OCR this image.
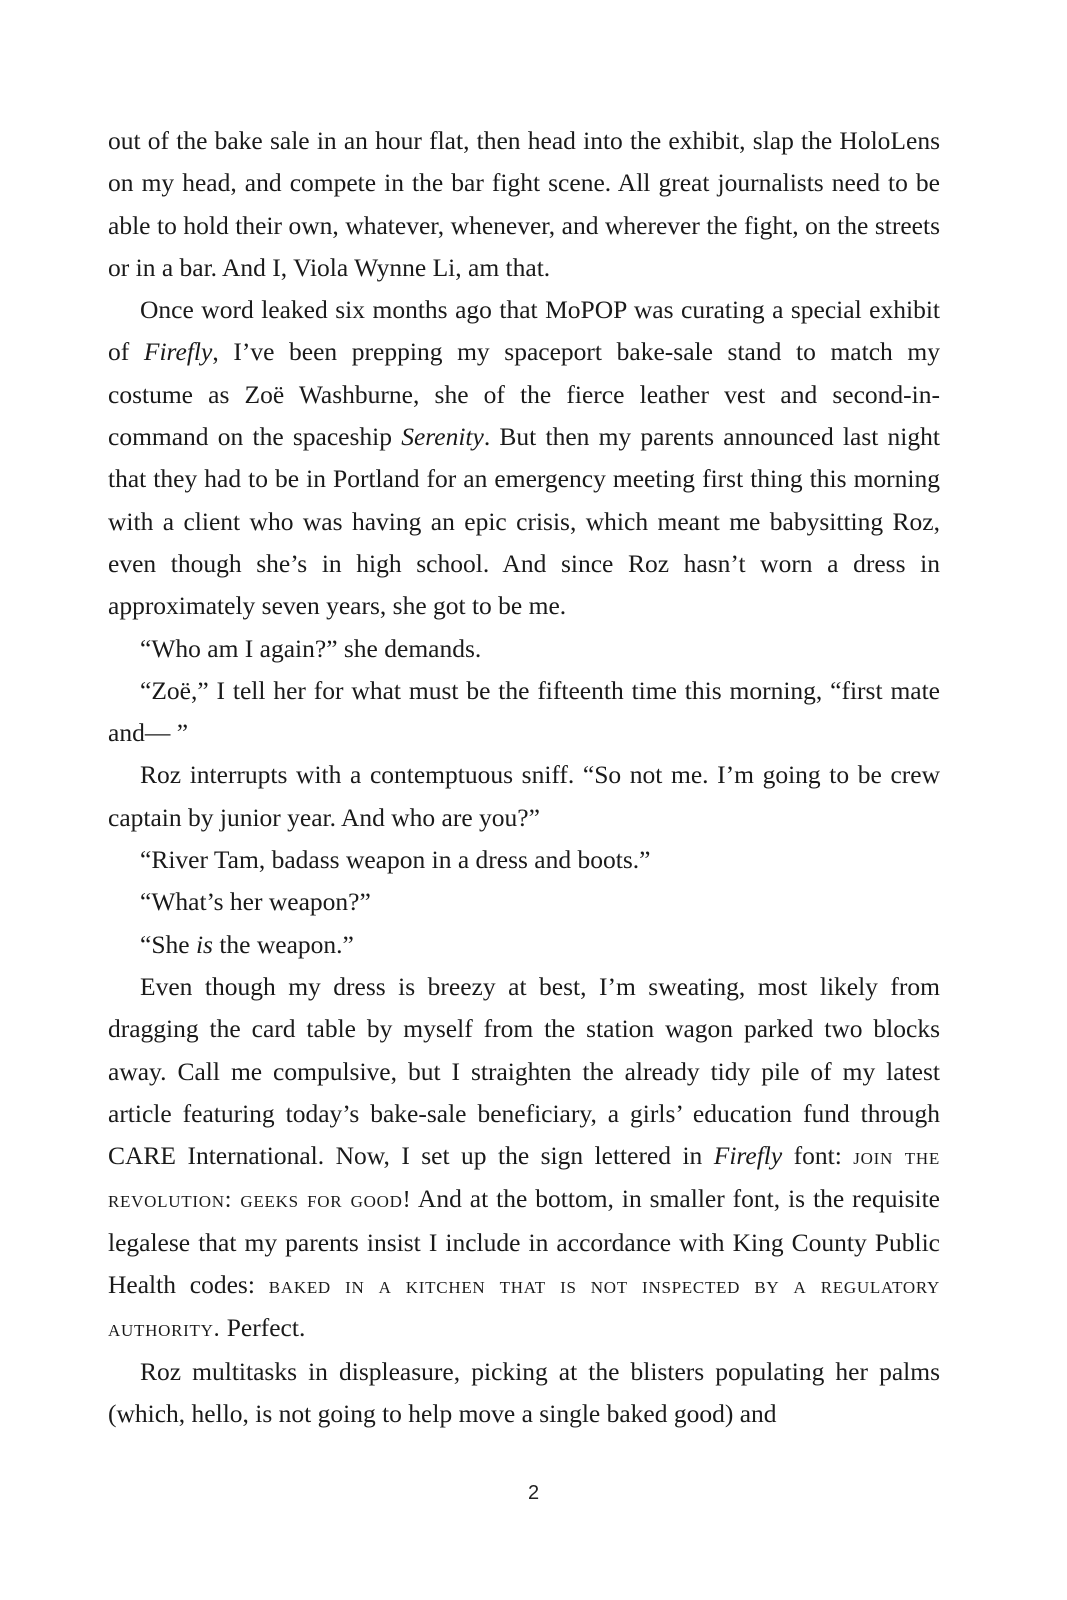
out of the bake sale in an hour flat, then head into the exhibit, slap the HoloLens on my head, and compete in the bar fight scene. All great journalists need to be able to hold their own, whatever, whenever, and wherever the fight, on the streets or in a bar. And I, Viola Wynne Li, am that.

Once word leaked six months ago that MoPOP was curating a special exhibit of Firefly, I’ve been prepping my spaceport bake-sale stand to match my costume as Zoë Washburne, she of the fierce leather vest and second-in-command on the spaceship Serenity. But then my parents announced last night that they had to be in Portland for an emergency meeting first thing this morning with a client who was having an epic crisis, which meant me babysitting Roz, even though she’s in high school. And since Roz hasn’t worn a dress in approximately seven years, she got to be me.

“Who am I again?” she demands.

“Zoë,” I tell her for what must be the fifteenth time this morning, “first mate and— ”

Roz interrupts with a contemptuous sniff. “So not me. I’m going to be crew captain by junior year. And who are you?”

“River Tam, badass weapon in a dress and boots.”

“What’s her weapon?”

“She is the weapon.”

Even though my dress is breezy at best, I’m sweating, most likely from dragging the card table by myself from the station wagon parked two blocks away. Call me compulsive, but I straighten the already tidy pile of my latest article featuring today’s bake-sale beneficiary, a girls’ education fund through CARE International. Now, I set up the sign lettered in Firefly font: join the revolution: geeks for good! And at the bottom, in smaller font, is the requisite legalese that my parents insist I include in accordance with King County Public Health codes: baked in a kitchen that is not inspected by a regulatory authority. Perfect.

Roz multitasks in displeasure, picking at the blisters populating her palms (which, hello, is not going to help move a single baked good) and

2
